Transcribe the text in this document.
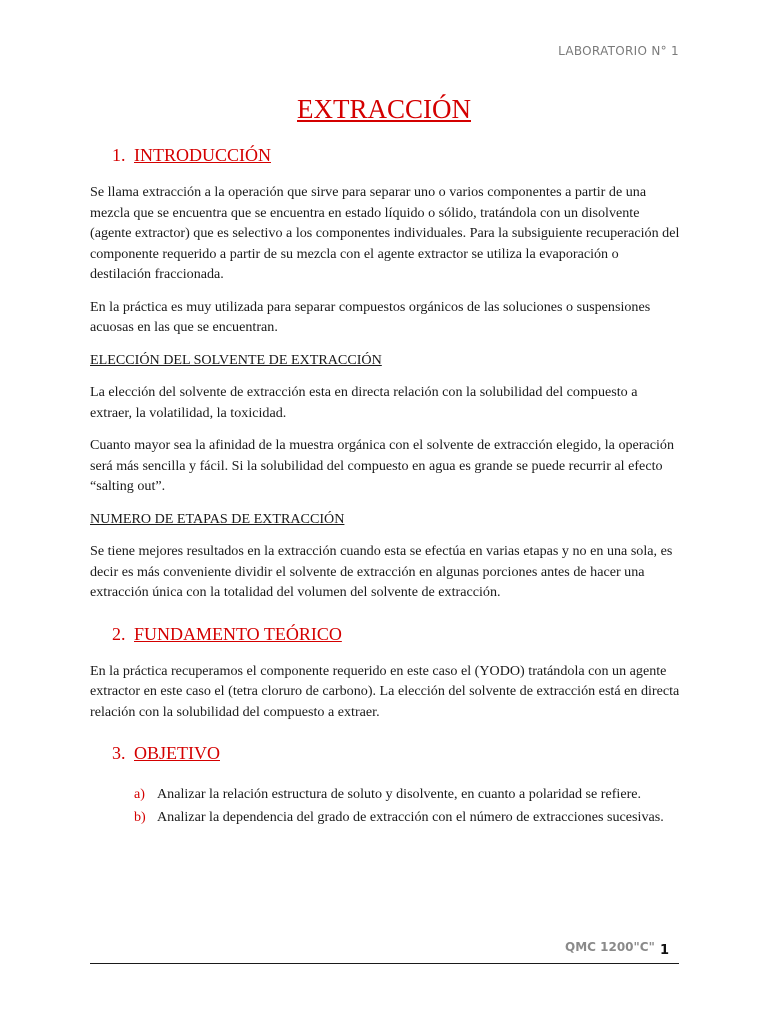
LABORATORIO N° 1
EXTRACCIÓN
1. INTRODUCCIÓN

Se llama extracción a la operación que sirve para separar uno o varios componentes a partir de una mezcla que se encuentra que se encuentra en estado líquido o sólido, tratándola con un disolvente (agente extractor) que es selectivo a los componentes individuales. Para la subsiguiente recuperación del componente requerido a partir de su mezcla con el agente extractor se utiliza la evaporación o destilación fraccionada.

En la práctica es muy utilizada para separar compuestos orgánicos de las soluciones o suspensiones acuosas en las que se encuentran.

ELECCIÓN DEL SOLVENTE DE EXTRACCIÓN

La elección del solvente de extracción esta en directa relación con la solubilidad del compuesto a extraer, la volatilidad, la toxicidad.

Cuanto mayor sea la afinidad de la muestra orgánica con el solvente de extracción elegido, la operación será más sencilla y fácil. Si la solubilidad del compuesto en agua es grande se puede recurrir al efecto “salting out”.

NUMERO DE ETAPAS DE EXTRACCIÓN

Se tiene mejores resultados en la extracción cuando esta se efectúa en varias etapas y no en una sola, es decir es más conveniente dividir el solvente de extracción en algunas porciones antes de hacer una extracción única con la totalidad del volumen del solvente de extracción.

2. FUNDAMENTO TEÓRICO

En la práctica recuperamos el componente requerido en este caso el (YODO) tratándola con un agente extractor en este caso el (tetra cloruro de carbono). La elección del solvente de extracción está en directa relación con la solubilidad del compuesto a extraer.

3. OBJETIVO
a) Analizar la relación estructura de soluto y disolvente, en cuanto a polaridad se refiere.
b) Analizar la dependencia del grado de extracción con el número de extracciones sucesivas.
QMC 1200"C" 1
